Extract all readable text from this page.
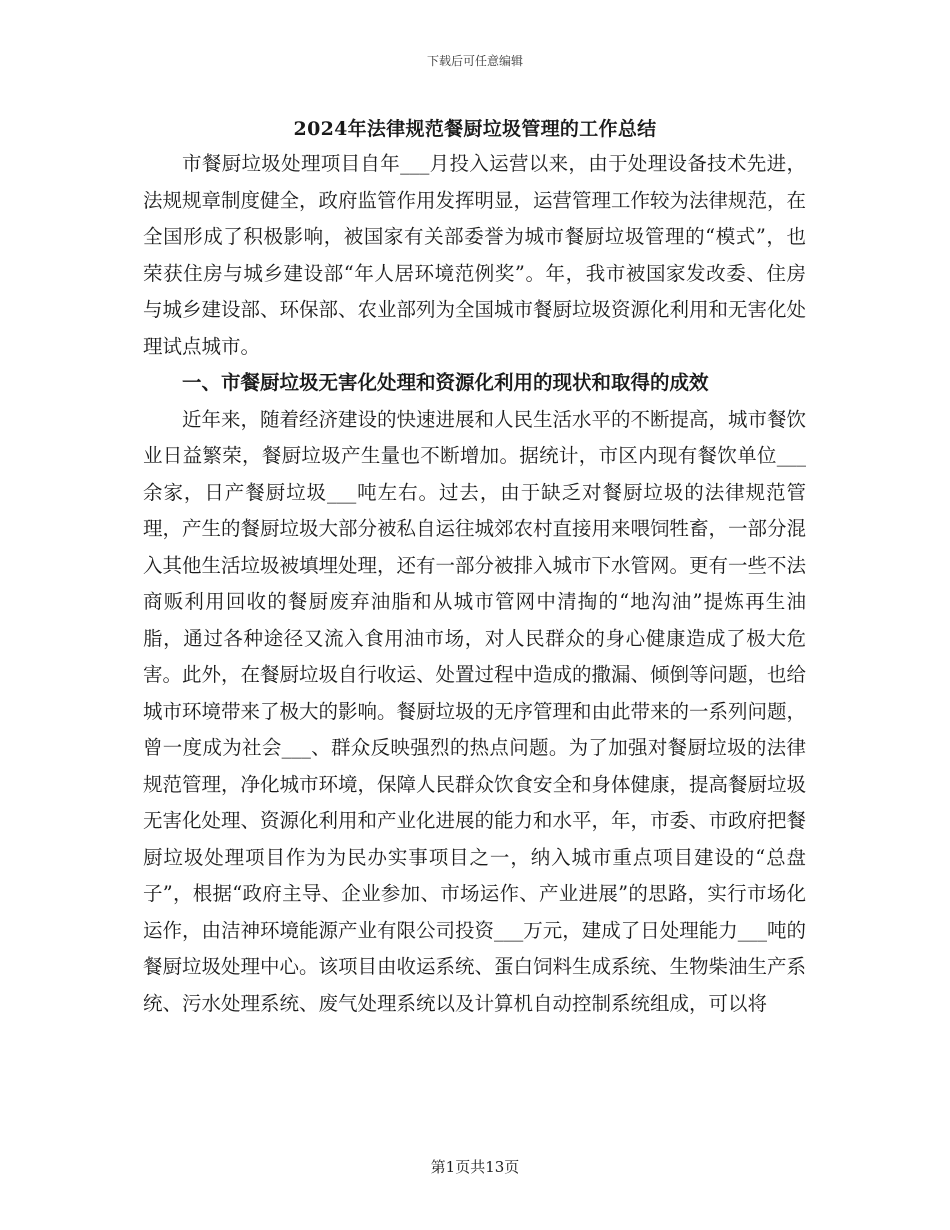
下载后可任意编辑
2024年法律规范餐厨垃圾管理的工作总结

市餐厨垃圾处理项目自年___月投入运营以来，由于处理设备技术先进，法规规章制度健全，政府监管作用发挥明显，运营管理工作较为法律规范，在全国形成了积极影响，被国家有关部委誉为城市餐厨垃圾管理的“模式”，也荣获住房与城乡建设部“年人居环境范例奖”。年，我市被国家发改委、住房与城乡建设部、环保部、农业部列为全国城市餐厨垃圾资源化利用和无害化处理试点城市。

一、市餐厨垃圾无害化处理和资源化利用的现状和取得的成效

近年来，随着经济建设的快速进展和人民生活水平的不断提高，城市餐饮业日益繁荣，餐厨垃圾产生量也不断增加。据统计，市区内现有餐饮单位___余家，日产餐厨垃圾___吨左右。过去，由于缺乏对餐厨垃圾的法律规范管理，产生的餐厨垃圾大部分被私自运往城郊农村直接用来喂饲牲畜，一部分混入其他生活垃圾被填埋处理，还有一部分被排入城市下水管网。更有一些不法商贩利用回收的餐厨废弃油脂和从城市管网中清掏的“地沟油”提炼再生油脂，通过各种途径又流入食用油市场，对人民群众的身心健康造成了极大危害。此外，在餐厨垃圾自行收运、处置过程中造成的撒漏、倾倒等问题，也给城市环境带来了极大的影响。餐厨垃圾的无序管理和由此带来的一系列问题，曾一度成为社会___、群众反映强烈的热点问题。为了加强对餐厨垃圾的法律规范管理，净化城市环境，保障人民群众饮食安全和身体健康，提高餐厨垃圾无害化处理、资源化利用和产业化进展的能力和水平，年，市委、市政府把餐厨垃圾处理项目作为为民办实事项目之一，纳入城市重点项目建设的“总盘子”，根据“政府主导、企业参加、市场运作、产业进展”的思路，实行市场化运作，由洁神环境能源产业有限公司投资___万元，建成了日处理能力___吨的餐厨垃圾处理中心。该项目由收运系统、蛋白饲料生成系统、生物柴油生产系统、污水处理系统、废气处理系统以及计算机自动控制系统组成，可以将

第1页共13页
